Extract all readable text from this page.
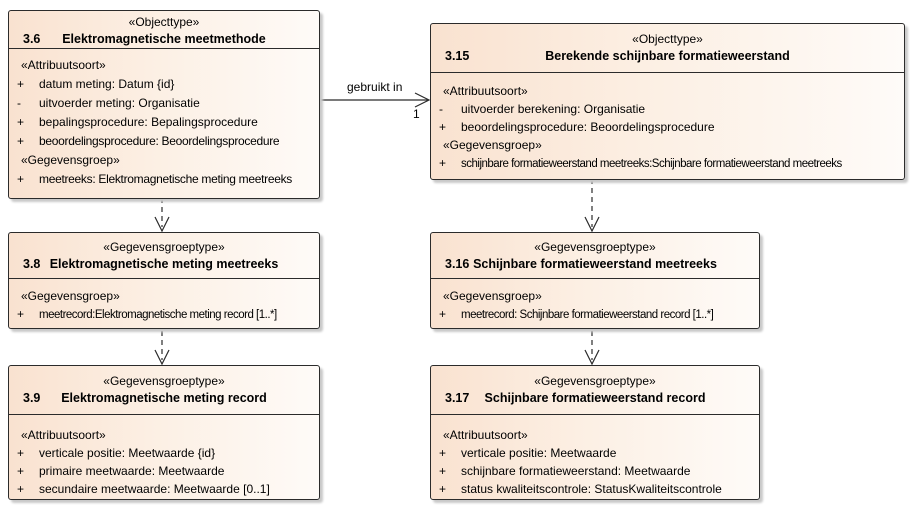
gebruikt in
1
«Objecttype»
3.6 Elektromagnetische meetmethode
«Attribuutsoort»
+ datum meting: Datum {id}
- uitvoerder meting: Organisatie
+ bepalingsprocedure: Bepalingsprocedure
+ beoordelingsprocedure: Beoordelingsprocedure
«Gegevensgroep»
+ meetreeks: Elektromagnetische meting meetreeks
«Objecttype»
3.15	Berekende schijnbare formatieweerstand
«Attribuutsoort»
- uitvoerder berekening: Organisatie
+ beoordelingsprocedure: Beoordelingsprocedure
«Gegevensgroep»
+ schijnbare formatieweerstand meetreeks:Schijnbare formatieweerstand meetreeks
«Gegevensgroeptype»
3.8 Elektromagnetische meting meetreeks
«Gegevensgroep»
+ meetrecord:Elektromagnetische meting record [1..*]
«Gegevensgroeptype»
3.16 Schijnbare formatieweerstand meetreeks
«Gegevensgroep»
+ meetrecord: Schijnbare formatieweerstand record [1..*]
«Gegevensgroeptype»
3.9 Elektromagnetische meting record
«Attribuutsoort»
+ verticale positie: Meetwaarde {id}
+ primaire meetwaarde: Meetwaarde
+ secundaire meetwaarde: Meetwaarde [0..1]
«Gegevensgroeptype»
3.17 Schijnbare formatieweerstand record
«Attribuutsoort»
+ verticale positie: Meetwaarde
+ schijnbare formatieweerstand: Meetwaarde
+ status kwaliteitscontrole: StatusKwaliteitscontrole
